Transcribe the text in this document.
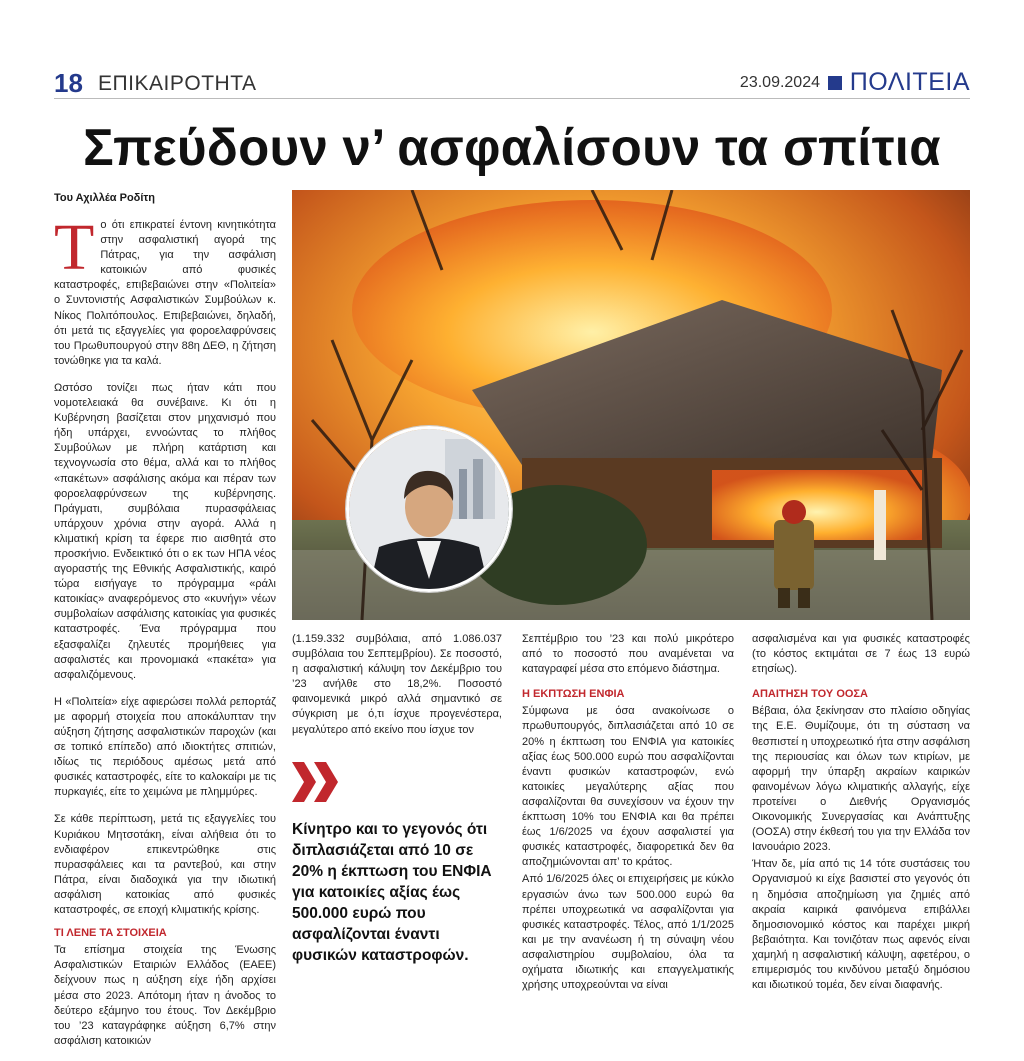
18 ΕΠΙΚΑΙΡΟΤΗΤΑ	23.09.2024 ΠΟΛΙΤΕΙΑ
Σπεύδουν ν’ ασφαλίσουν τα σπίτια
Του Αχιλλέα Ροδίτη

Το ότι επικρατεί έντονη κινητικότητα στην ασφαλιστική αγορά της Πάτρας, για την ασφάλιση κατοικιών από φυσικές καταστροφές, επιβεβαιώνει στην «Πολιτεία» ο Συντονιστής Ασφαλιστικών Συμβούλων κ. Νίκος Πολιτόπουλος. Επιβεβαιώνει, δηλαδή, ότι μετά τις εξαγγελίες για φοροελαφρύνσεις του Πρωθυπουργού στην 88η ΔΕΘ, η ζήτηση τονώθηκε για τα καλά.

Ωστόσο τονίζει πως ήταν κάτι που νομοτελειακά θα συνέβαινε. Κι ότι η Κυβέρνηση βασίζεται στον μηχανισμό που ήδη υπάρχει, εννοώντας το πλήθος Συμβούλων με πλήρη κατάρτιση και τεχνογνωσία στο θέμα, αλλά και το πλήθος «πακέτων» ασφάλισης ακόμα και πέραν των φοροελαφρύνσεων της κυβέρνησης. Πράγματι, συμβόλαια πυρασφάλειας υπάρχουν χρόνια στην αγορά. Αλλά η κλιματική κρίση τα έφερε πιο αισθητά στο προσκήνιο. Ενδεικτικό ότι ο εκ των ΗΠΑ νέος αγοραστής της Εθνικής Ασφαλιστικής, καιρό τώρα εισήγαγε το πρόγραμμα «ράλι κατοικίας» αναφερόμενος στο «κυνήγι» νέων συμβολαίων ασφάλισης κατοικίας για φυσικές καταστροφές. Ένα πρόγραμμα που εξασφαλίζει ζηλευτές προμήθειες για ασφαλιστές και προνομιακά «πακέτα» για ασφαλιζόμενους.

Η «Πολιτεία» είχε αφιερώσει πολλά ρεπορτάζ με αφορμή στοιχεία που αποκάλυπταν την αύξηση ζήτησης ασφαλιστικών παροχών (και σε τοπικό επίπεδο) από ιδιοκτήτες σπιτιών, ιδίως τις περιόδους αμέσως μετά από φυσικές καταστροφές, είτε το καλοκαίρι με τις πυρκαγιές, είτε το χειμώνα με πλημμύρες.

Σε κάθε περίπτωση, μετά τις εξαγγελίες του Κυριάκου Μητσοτάκη, είναι αλήθεια ότι το ενδιαφέρον επικεντρώθηκε στις πυρασφάλειες και τα ραντεβού, και στην Πάτρα, είναι διαδοχικά για την ιδιωτική ασφάλιση κατοικίας από φυσικές καταστροφές, σε εποχή κλιματικής κρίσης.

ΤΙ ΛΕΝΕ ΤΑ ΣΤΟΙΧΕΙΑ

Τα επίσημα στοιχεία της Ένωσης Ασφαλιστικών Εταιριών Ελλάδος (ΕΑΕΕ) δείχνουν πως η αύξηση είχε ήδη αρχίσει μέσα στο 2023. Απότομη ήταν η άνοδος το δεύτερο εξάμηνο του έτους. Τον Δεκέμβριο του ’23 καταγράφηκε αύξηση 6,7% στην ασφάλιση κατοικιών

(1.159.332 συμβόλαια, από 1.086.037 συμβόλαια του Σεπτεμβρίου). Σε ποσοστό, η ασφαλιστική κάλυψη τον Δεκέμβριο του ’23 ανήλθε στο 18,2%. Ποσοστό φαινομενικά μικρό αλλά σημαντικό σε σύγκριση με ό,τι ίσχυε προγενέστερα, μεγαλύτερο από εκείνο που ίσχυε τον

Κίνητρο και το γεγονός ότι διπλασιάζεται από 10 σε 20% η έκπτωση του ΕΝΦΙΑ για κατοικίες αξίας έως 500.000 ευρώ που ασφαλίζονται έναντι φυσικών καταστροφών.

Σεπτέμβριο του ’23 και πολύ μικρότερο από το ποσοστό που αναμένεται να καταγραφεί μέσα στο επόμενο διάστημα.

Η ΕΚΠΤΩΣΗ ΕΝΦΙΑ

Σύμφωνα με όσα ανακοίνωσε ο πρωθυπουργός, διπλασιάζεται από 10 σε 20% η έκπτωση του ΕΝΦΙΑ για κατοικίες αξίας έως 500.000 ευρώ που ασφαλίζονται έναντι φυσικών καταστροφών, ενώ κατοικίες μεγαλύτερης αξίας που ασφαλίζονται θα συνεχίσουν να έχουν την έκπτωση 10% του ΕΝΦΙΑ και θα πρέπει έως 1/6/2025 να έχουν ασφαλιστεί για φυσικές καταστροφές, διαφορετικά δεν θα αποζημιώνονται απ’ το κράτος.

Από 1/6/2025 όλες οι επιχειρήσεις με κύκλο εργασιών άνω των 500.000 ευρώ θα πρέπει υποχρεωτικά να ασφαλίζονται για φυσικές καταστροφές. Τέλος, από 1/1/2025 και με την ανανέωση ή τη σύναψη νέου ασφαλιστηρίου συμβολαίου, όλα τα οχήματα ιδιωτικής και επαγγελματικής χρήσης υποχρεούνται να είναι

ασφαλισμένα και για φυσικές καταστροφές (το κόστος εκτιμάται σε 7 έως 13 ευρώ ετησίως).

ΑΠΑΙΤΗΣΗ ΤΟΥ ΟΟΣΑ

Βέβαια, όλα ξεκίνησαν στο πλαίσιο οδηγίας της Ε.Ε. Θυμίζουμε, ότι τη σύσταση να θεσπιστεί η υποχρεωτικό ήτα στην ασφάλιση της περιουσίας και όλων των κτιρίων, με αφορμή την ύπαρξη ακραίων καιρικών φαινομένων λόγω κλιματικής αλλαγής, είχε προτείνει ο Διεθνής Οργανισμός Οικονομικής Συνεργασίας και Ανάπτυξης (ΟΟΣΑ) στην έκθεσή του για την Ελλάδα τον Ιανουάριο 2023.

Ήταν δε, μία από τις 14 τότε συστάσεις του Οργανισμού κι είχε βασιστεί στο γεγονός ότι η δημόσια αποζημίωση για ζημιές από ακραία καιρικά φαινόμενα επιβάλλει δημοσιονομικό κόστος και παρέχει μικρή βεβαιότητα. Και τονιζόταν πως αφενός είναι χαμηλή η ασφαλιστική κάλυψη, αφετέρου, ο επιμερισμός του κινδύνου μεταξύ δημόσιου και ιδιωτικού τομέα, δεν είναι διαφανής.
